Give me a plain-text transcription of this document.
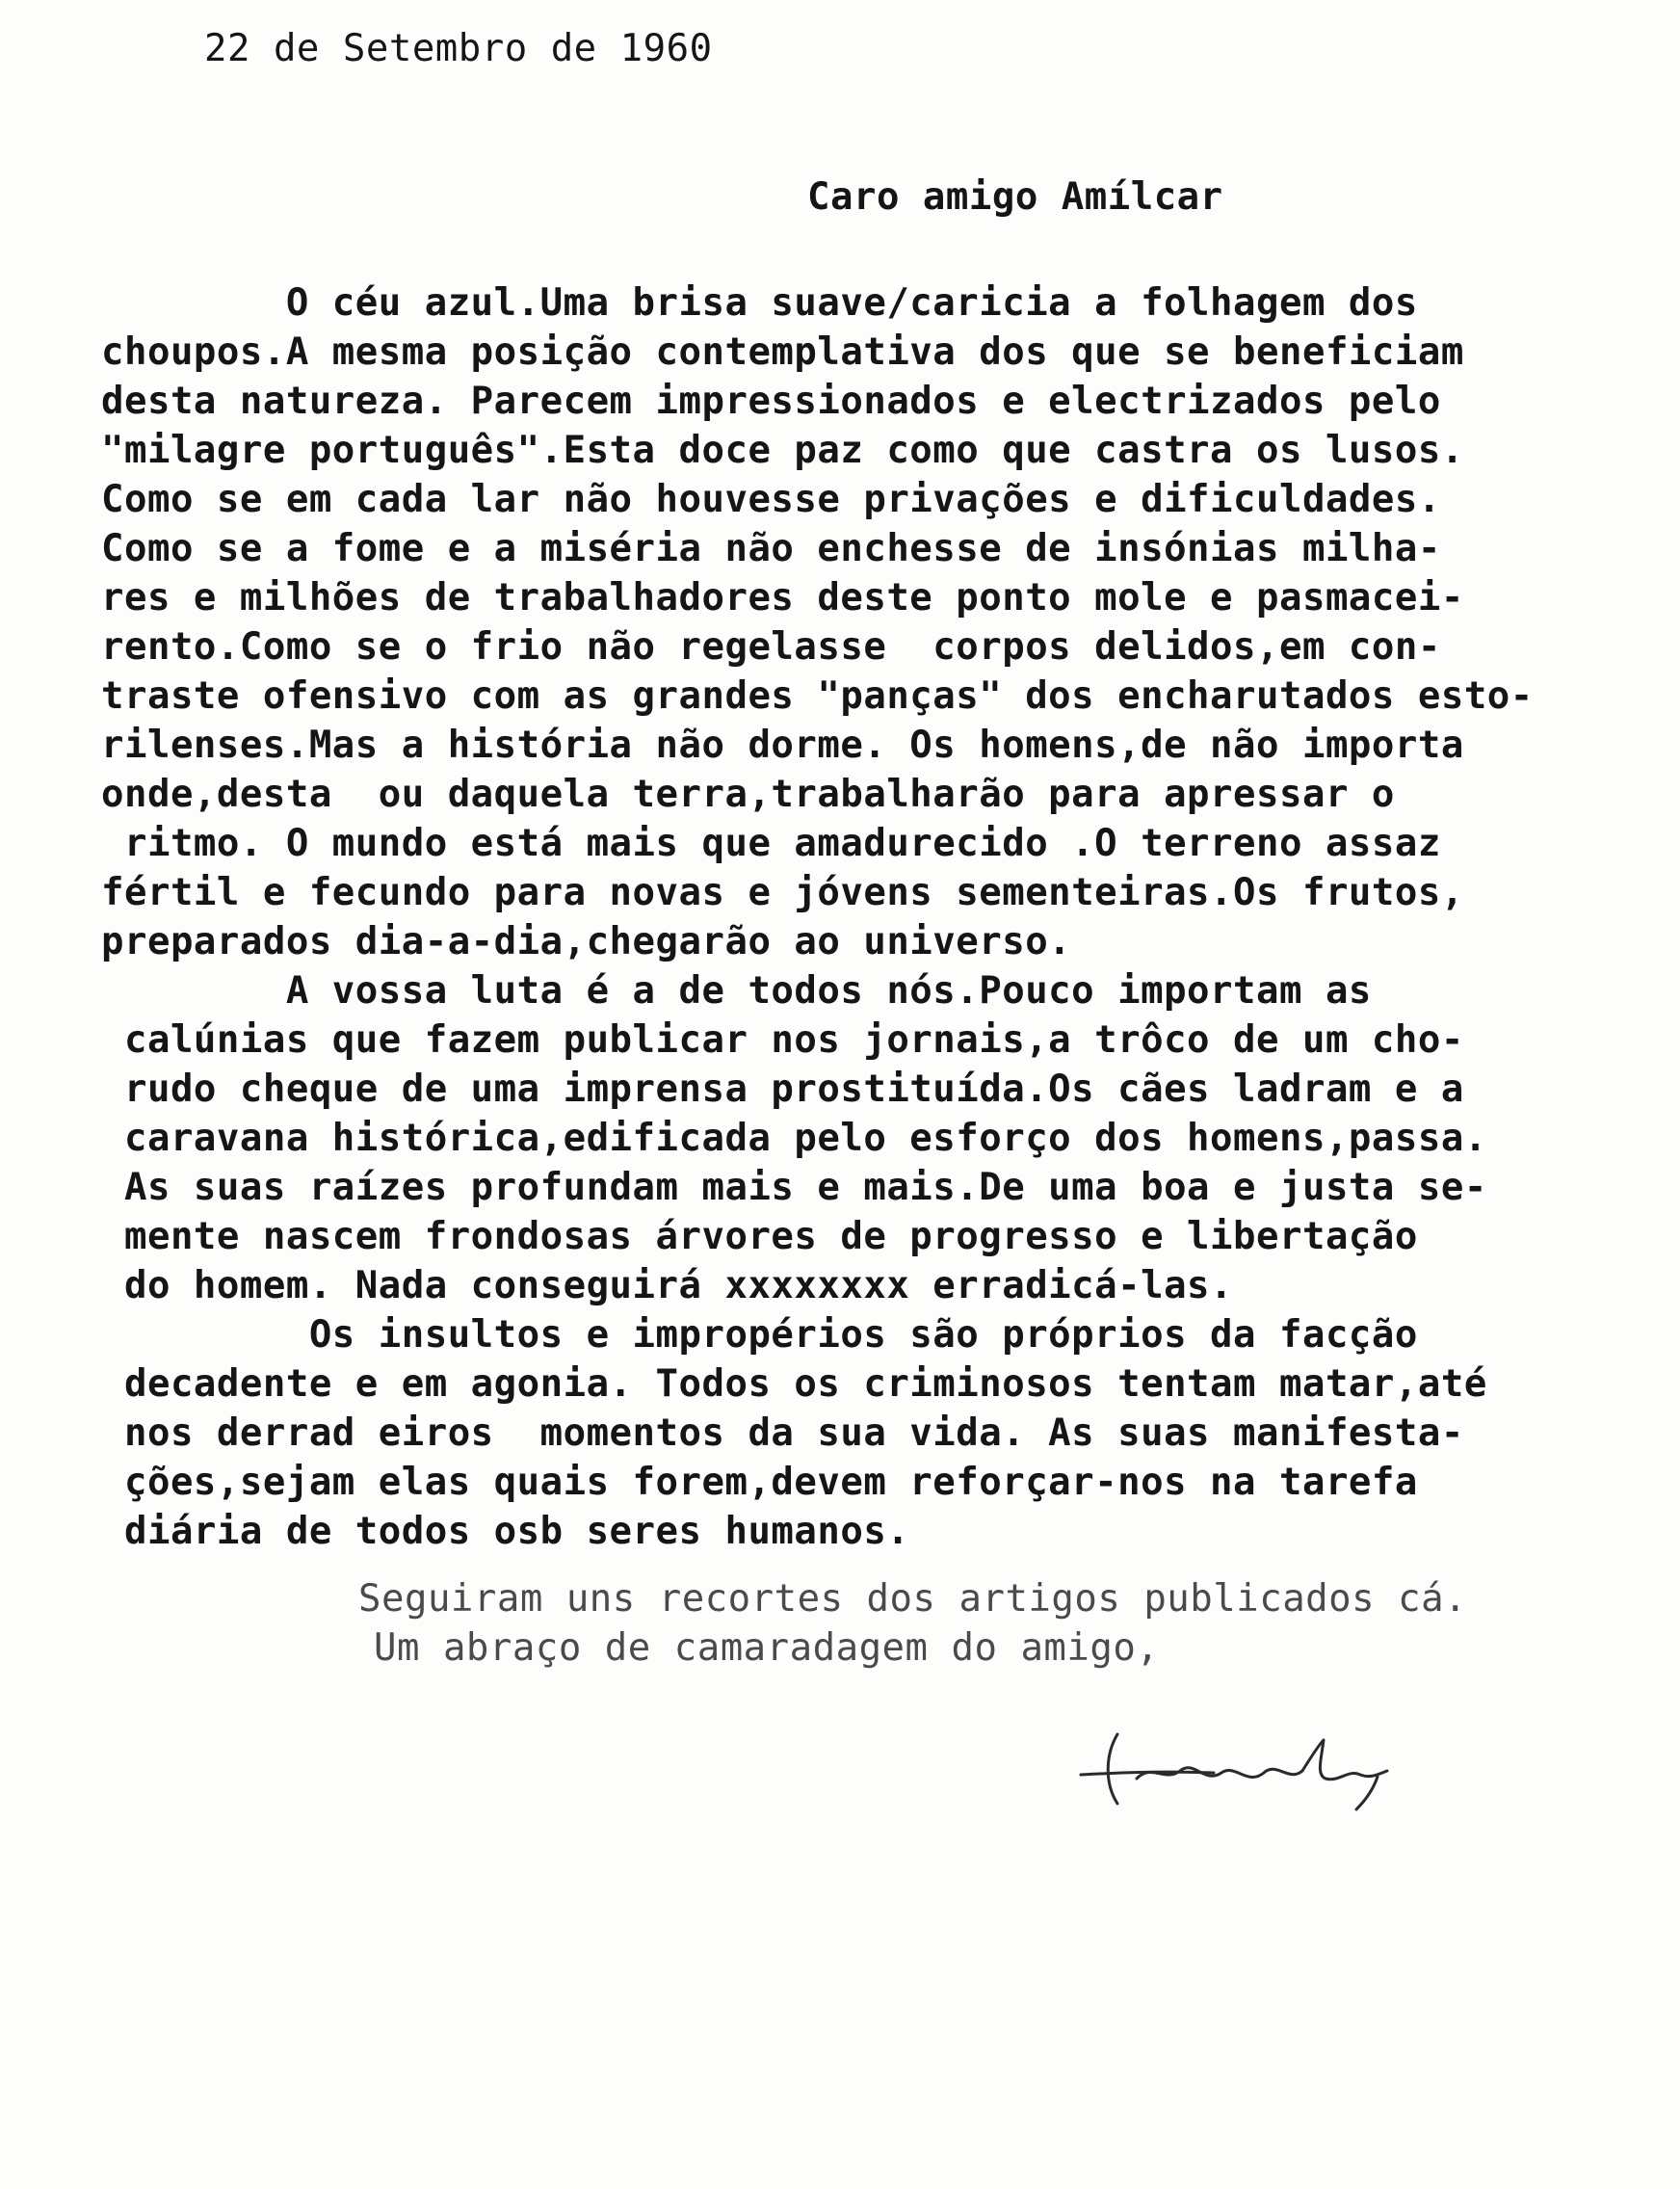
22 de Setembro de 1960
Caro amigo Amílcar
O céu azul.Uma brisa suave/caricia a folhagem dos
choupos.A mesma posição contemplativa dos que se beneficiam
desta natureza. Parecem impressionados e electrizados pelo
"milagre português".Esta doce paz como que castra os lusos.
Como se em cada lar não houvesse privações e dificuldades.
Como se a fome e a miséria não enchesse de insónias milha-
res e milhões de trabalhadores deste ponto mole e pasmacei-
rento.Como se o frio não regelasse  corpos delidos,em con-
traste ofensivo com as grandes "panças" dos encharutados esto-
rilenses.Mas a história não dorme. Os homens,de não importa
onde,desta  ou daquela terra,trabalharão para apressar o
ritmo. O mundo está mais que amadurecido .O terreno assaz
fértil e fecundo para novas e jóvens sementeiras.Os frutos,
preparados dia-a-dia,chegarão ao universo.
A vossa luta é a de todos nós.Pouco importam as
calúnias que fazem publicar nos jornais,a trôco de um cho-
rudo cheque de uma imprensa prostituída.Os cães ladram e a
caravana histórica,edificada pelo esforço dos homens,passa.
As suas raízes profundam mais e mais.De uma boa e justa se-
mente nascem frondosas árvores de progresso e libertação
do homem. Nada conseguirá xxxxxxxx erradicá-las.
Os insultos e impropérios são próprios da facção
decadente e em agonia. Todos os criminosos tentam matar,até
nos derrad eiros  momentos da sua vida. As suas manifesta-
ções,sejam elas quais forem,devem reforçar-nos na tarefa
diária de todos osb seres humanos.
Seguiram uns recortes dos artigos publicados cá.
Um abraço de camaradagem do amigo,
